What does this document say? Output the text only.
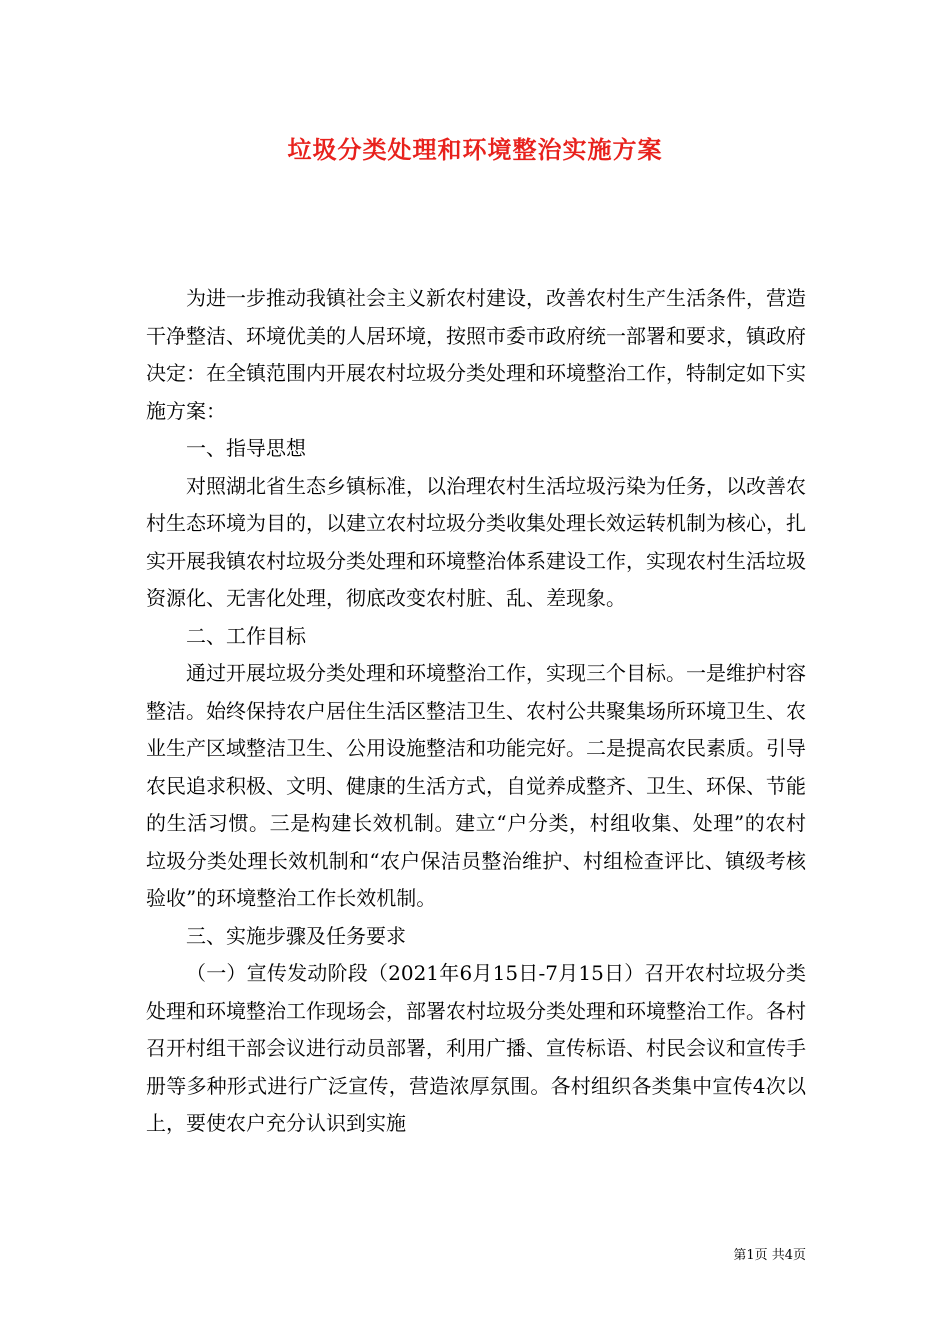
垃圾分类处理和环境整治实施方案

为进一步推动我镇社会主义新农村建设，改善农村生产生活条件，营造干净整洁、环境优美的人居环境，按照市委市政府统一部署和要求，镇政府决定：在全镇范围内开展农村垃圾分类处理和环境整治工作，特制定如下实施方案：

一、指导思想

对照湖北省生态乡镇标准，以治理农村生活垃圾污染为任务，以改善农村生态环境为目的，以建立农村垃圾分类收集处理长效运转机制为核心，扎实开展我镇农村垃圾分类处理和环境整治体系建设工作，实现农村生活垃圾资源化、无害化处理，彻底改变农村脏、乱、差现象。

二、工作目标

通过开展垃圾分类处理和环境整治工作，实现三个目标。一是维护村容整洁。始终保持农户居住生活区整洁卫生、农村公共聚集场所环境卫生、农业生产区域整洁卫生、公用设施整洁和功能完好。二是提高农民素质。引导农民追求积极、文明、健康的生活方式，自觉养成整齐、卫生、环保、节能的生活习惯。三是构建长效机制。建立“户分类，村组收集、处理”的农村垃圾分类处理长效机制和“农户保洁员整治维护、村组检查评比、镇级考核验收”的环境整治工作长效机制。

三、实施步骤及任务要求

（一）宣传发动阶段（2021年6月15日-7月15日）召开农村垃圾分类处理和环境整治工作现场会，部署农村垃圾分类处理和环境整治工作。各村召开村组干部会议进行动员部署，利用广播、宣传标语、村民会议和宣传手册等多种形式进行广泛宣传，营造浓厚氛围。各村组织各类集中宣传4次以上，要使农户充分认识到实施

第1页 共4页
